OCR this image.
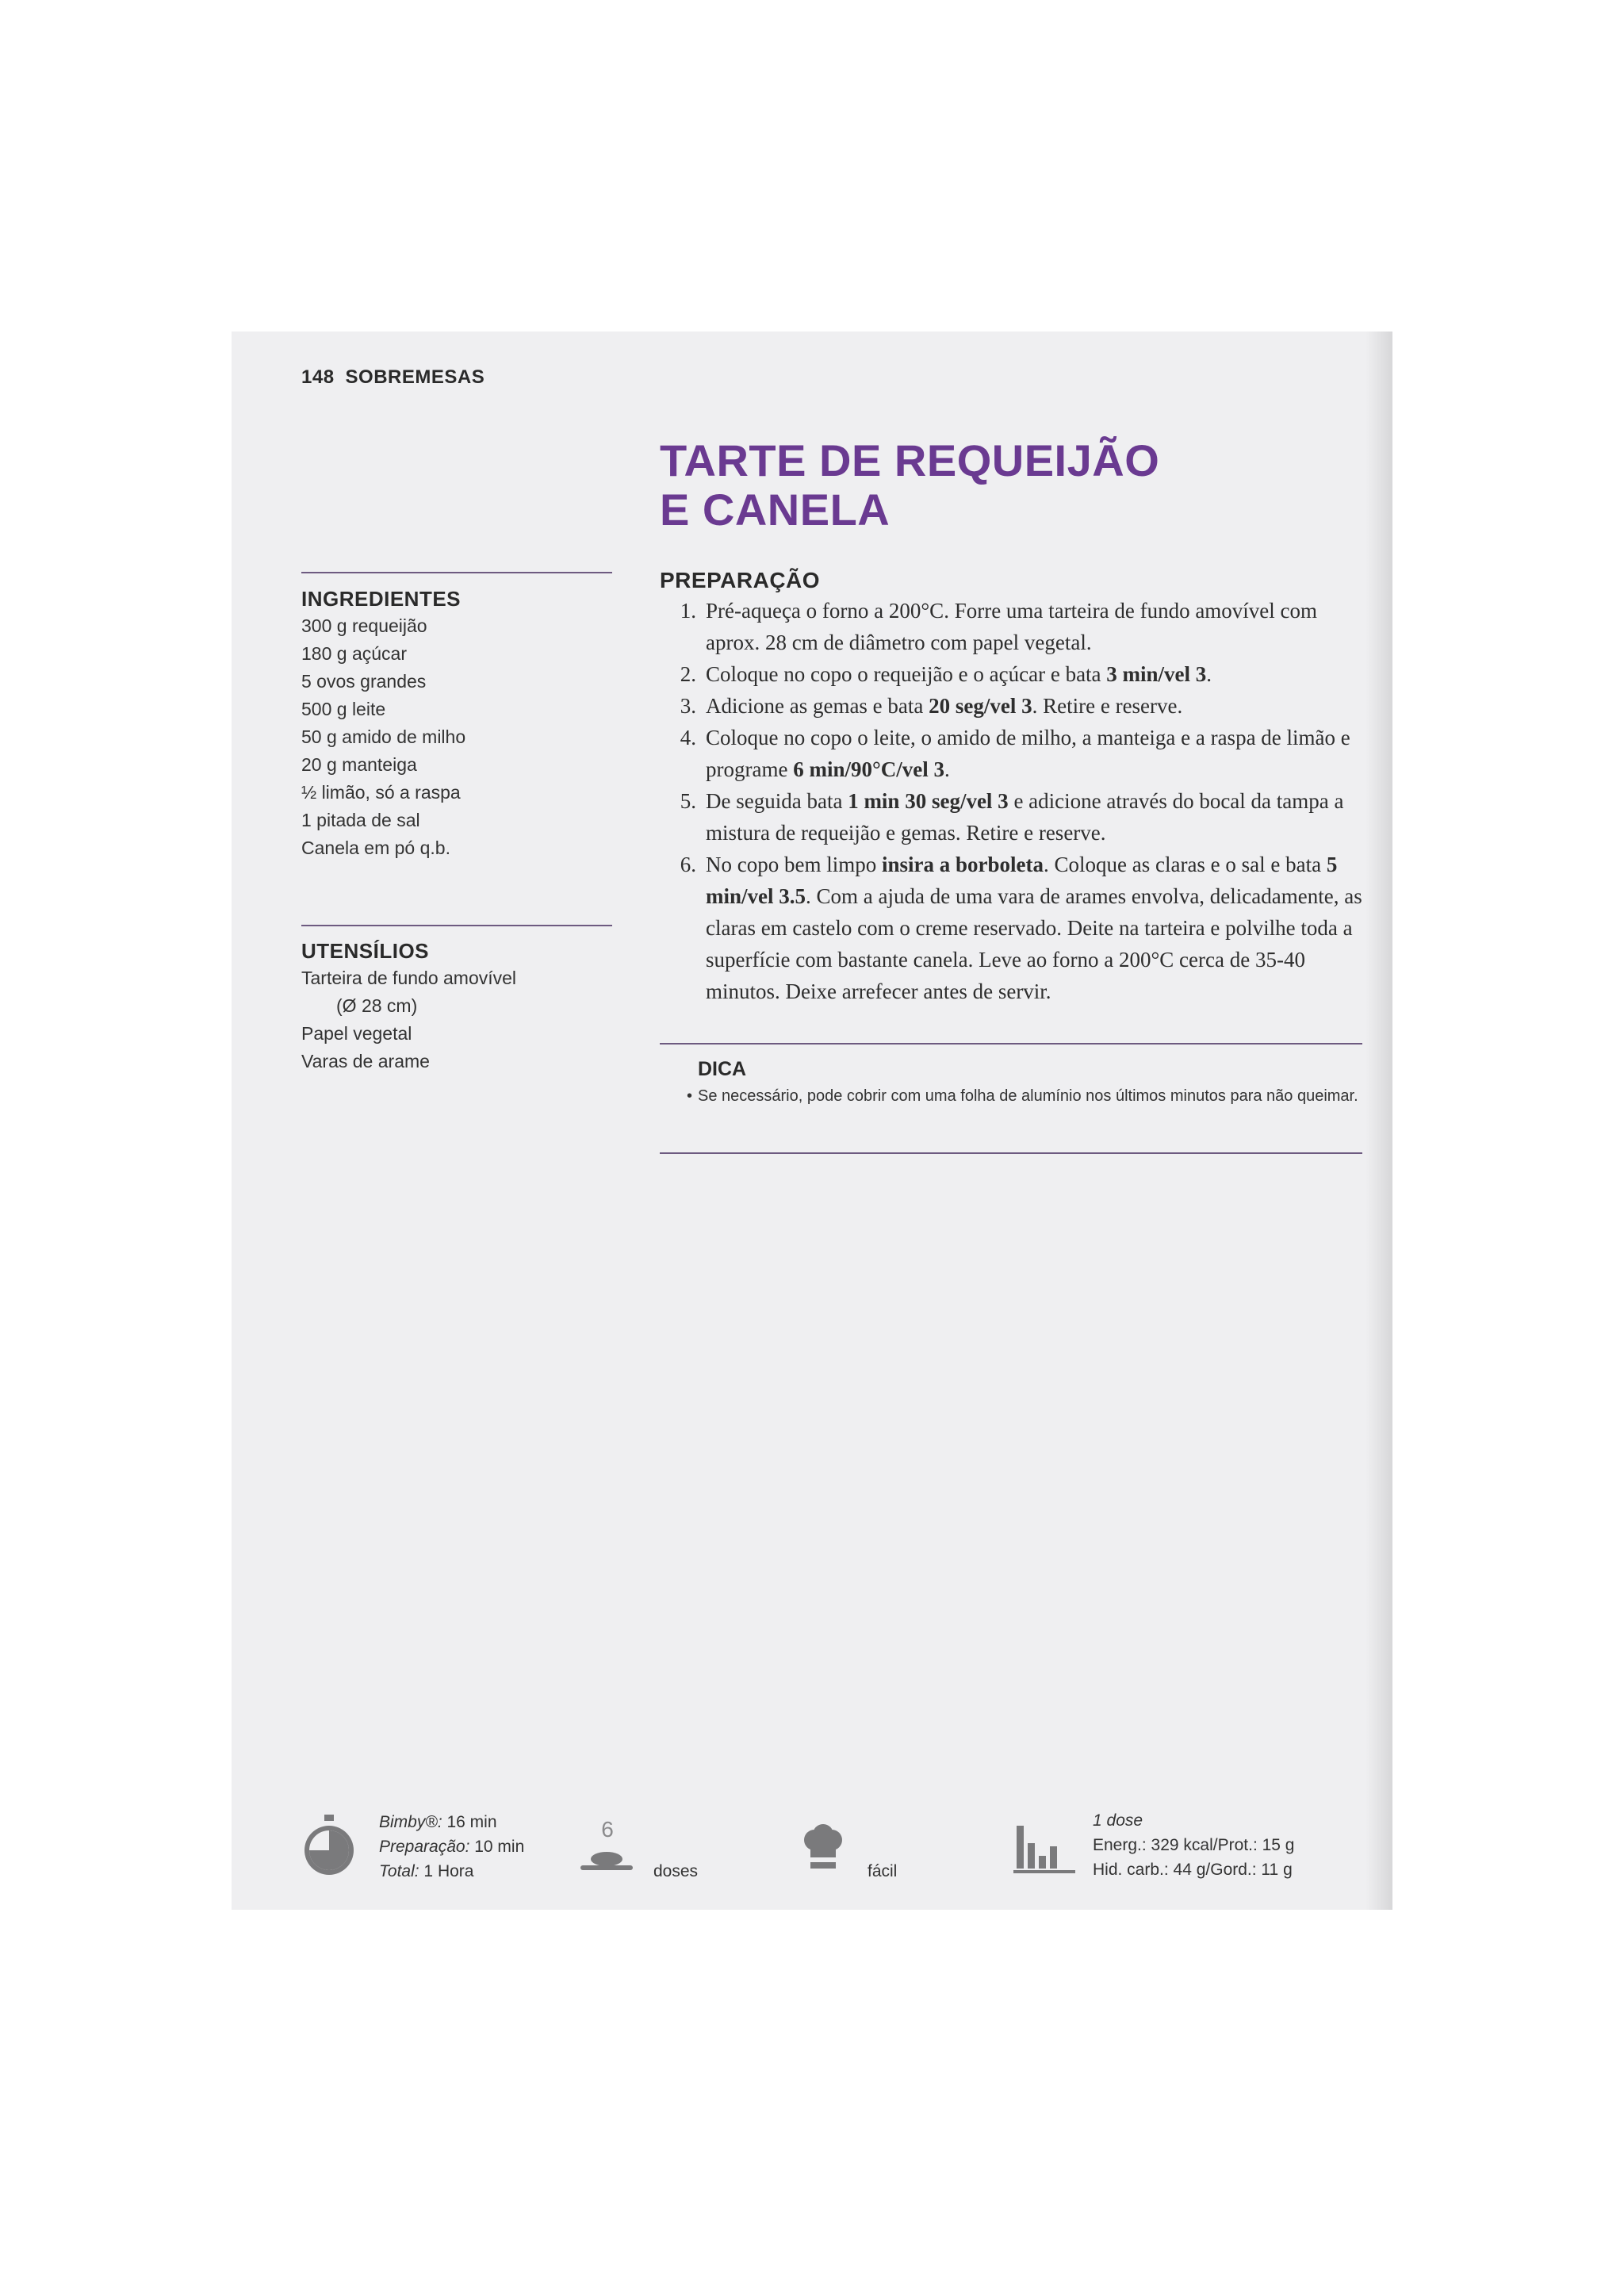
148 SOBREMESAS
TARTE DE REQUEIJÃO
E CANELA
INGREDIENTES
300 g requeijão
180 g açúcar
5 ovos grandes
500 g leite
50 g amido de milho
20 g manteiga
½ limão, só a raspa
1 pitada de sal
Canela em pó q.b.
UTENSÍLIOS
Tarteira de fundo amovível
(Ø 28 cm)
Papel vegetal
Varas de arame
PREPARAÇÃO
1. Pré-aqueça o forno a 200°C. Forre uma tarteira de fundo amovível com aprox. 28 cm de diâmetro com papel vegetal.
2. Coloque no copo o requeijão e o açúcar e bata 3 min/vel 3.
3. Adicione as gemas e bata 20 seg/vel 3. Retire e reserve.
4. Coloque no copo o leite, o amido de milho, a manteiga e a raspa de limão e programe 6 min/90°C/vel 3.
5. De seguida bata 1 min 30 seg/vel 3 e adicione através do bocal da tampa a mistura de requeijão e gemas. Retire e reserve.
6. No copo bem limpo insira a borboleta. Coloque as claras e o sal e bata 5 min/vel 3.5. Com a ajuda de uma vara de arames envolva, delicadamente, as claras em castelo com o creme reservado. Deite na tarteira e polvilhe toda a superfície com bastante canela. Leve ao forno a 200°C cerca de 35-40 minutos. Deixe arrefecer antes de servir.
DICA
• Se necessário, pode cobrir com uma folha de alumínio nos últimos minutos para não queimar.
Bimby®: 16 min
Preparação: 10 min
Total: 1 Hora
6
doses	fácil
1 dose
Energ.: 329 kcal/Prot.: 15 g
Hid. carb.: 44 g/Gord.: 11 g
